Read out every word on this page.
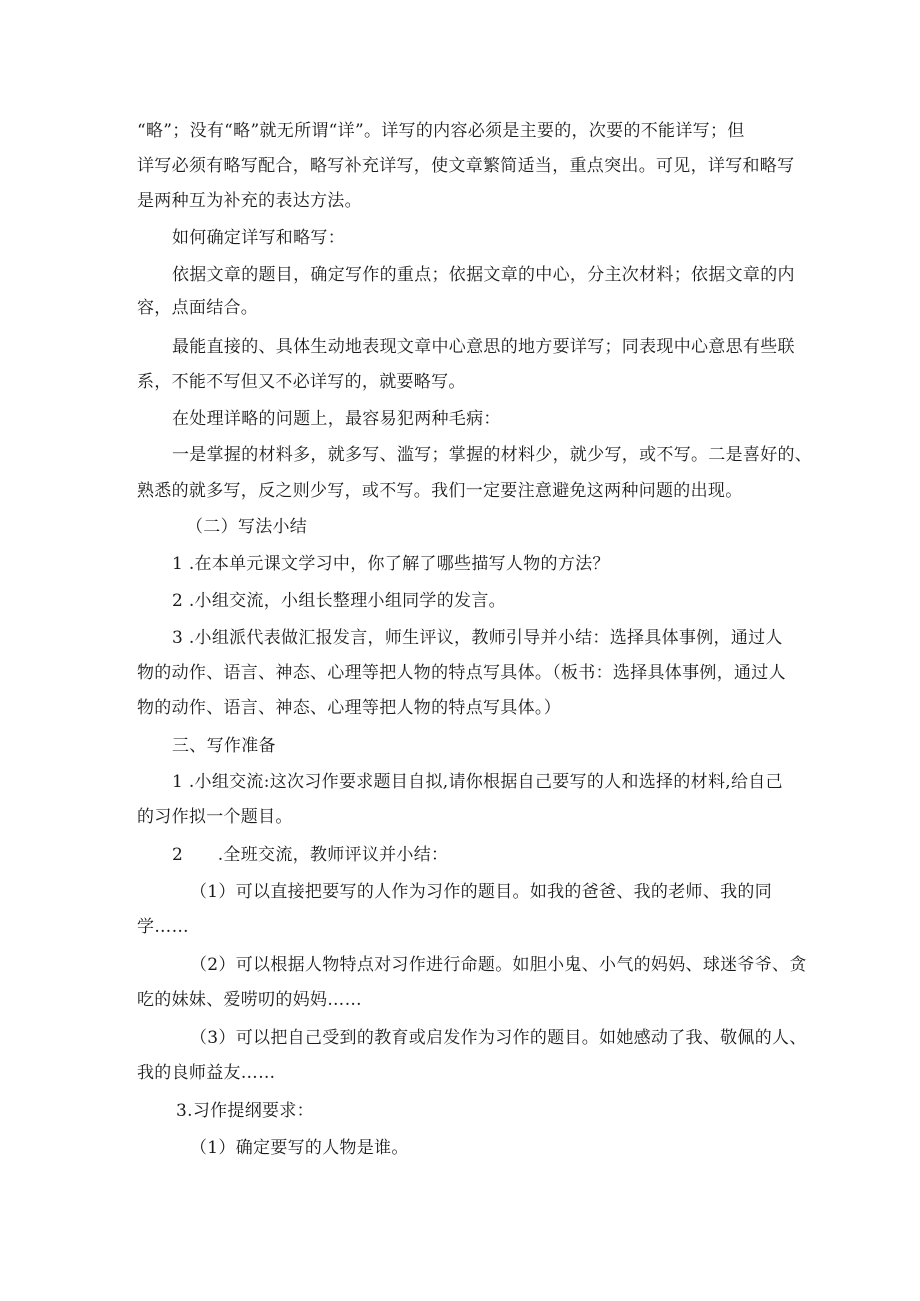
“略”；没有“略”就无所谓“详”。详写的内容必须是主要的，次要的不能详写；但
详写必须有略写配合，略写补充详写，使文章繁简适当，重点突出。可见，详写和略写
是两种互为补充的表达方法。
如何确定详写和略写：
依据文章的题目，确定写作的重点；依据文章的中心，分主次材料；依据文章的内
容，点面结合。
最能直接的、具体生动地表现文章中心意思的地方要详写；同表现中心意思有些联
系，不能不写但又不必详写的，就要略写。
在处理详略的问题上，最容易犯两种毛病：
一是掌握的材料多，就多写、滥写；掌握的材料少，就少写，或不写。二是喜好的、
熟悉的就多写，反之则少写，或不写。我们一定要注意避免这两种问题的出现。
（二）写法小结
1 .在本单元课文学习中，你了解了哪些描写人物的方法？
2 .小组交流，小组长整理小组同学的发言。
3 .小组派代表做汇报发言，师生评议，教师引导并小结：选择具体事例，通过人
物的动作、语言、神态、心理等把人物的特点写具体。（板书：选择具体事例，通过人
物的动作、语言、神态、心理等把人物的特点写具体。）
三、写作准备
1 .小组交流:这次习作要求题目自拟,请你根据自己要写的人和选择的材料,给自己
的习作拟一个题目。
2　　.全班交流，教师评议并小结：
（1）可以直接把要写的人作为习作的题目。如我的爸爸、我的老师、我的同
学……
（2）可以根据人物特点对习作进行命题。如胆小鬼、小气的妈妈、球迷爷爷、贪
吃的妹妹、爱唠叨的妈妈……
（3）可以把自己受到的教育或启发作为习作的题目。如她感动了我、敬佩的人、
我的良师益友……
3.习作提纲要求：
（1）确定要写的人物是谁。
